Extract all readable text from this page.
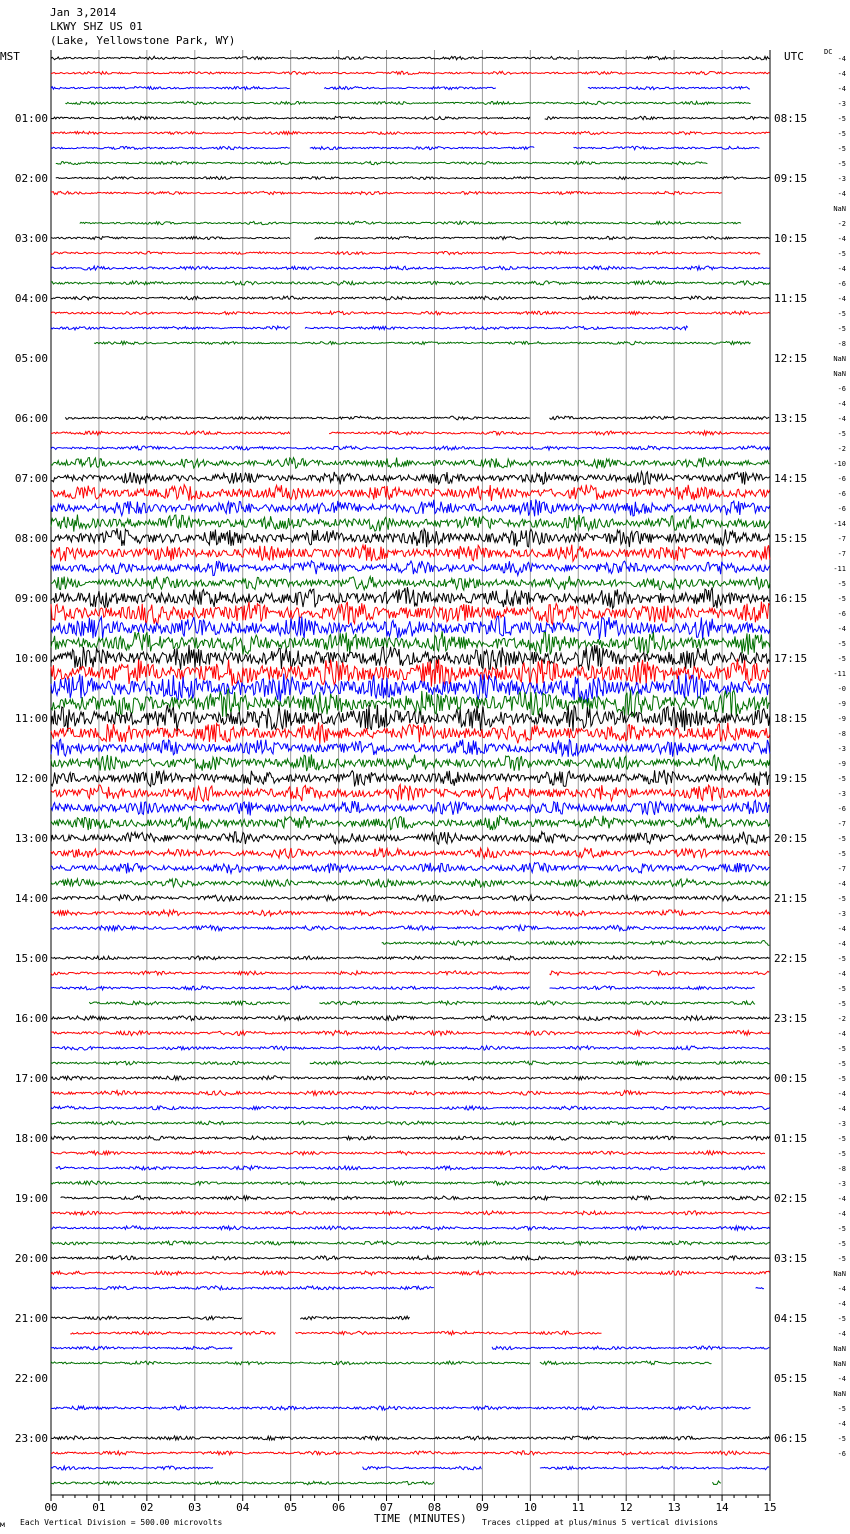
Jan 3,2014
LKWY SHZ US 01
(Lake, Yellowstone Park, WY)
MST	UTC	DC
00	01	02	03	04	05	06	07	08	09	10	11	12	13	14	15
01:00
02:00
03:00
04:00
05:00
06:00
07:00
08:00
09:00
10:00
11:00
12:00
13:00
14:00
15:00
16:00
17:00
18:00
19:00
20:00
21:00
22:00
23:00
08:15
09:15
10:15
11:15
12:15
13:15
14:15
15:15
16:15
17:15
18:15
19:15
20:15
21:15
22:15
23:15
00:15
01:15
02:15
03:15
04:15
05:15
06:15
-4
-4
-4
-3
-5
-5
-5
-5
-3
-4
NaN
-2
-4
-5
-4
-6
-4
-5
-5
-8
NaN
NaN
-6
-4
-4
-5
-2
-10
-6
-6
-6
-14
-7
-7
-11
-5
-5
-6
-4
-5
-5
-11
-0
-9
-9
-8
-3
-9
-5
-3
-6
-7
-5
-5
-7
-4
-5
-3
-4
-4
-5
-4
-5
-5
-2
-4
-5
-5
-5
-4
-4
-3
-5
-5
-8
-3
-4
-4
-5
-5
-5
NaN
-4
-4
-5
-4
NaN
NaN
-4
NaN
-5
-4
-5
-6
TIME (MINUTES)
м Each Vertical Division = 500.00 microvolts	Traces clipped at plus/minus 5 vertical divisions
